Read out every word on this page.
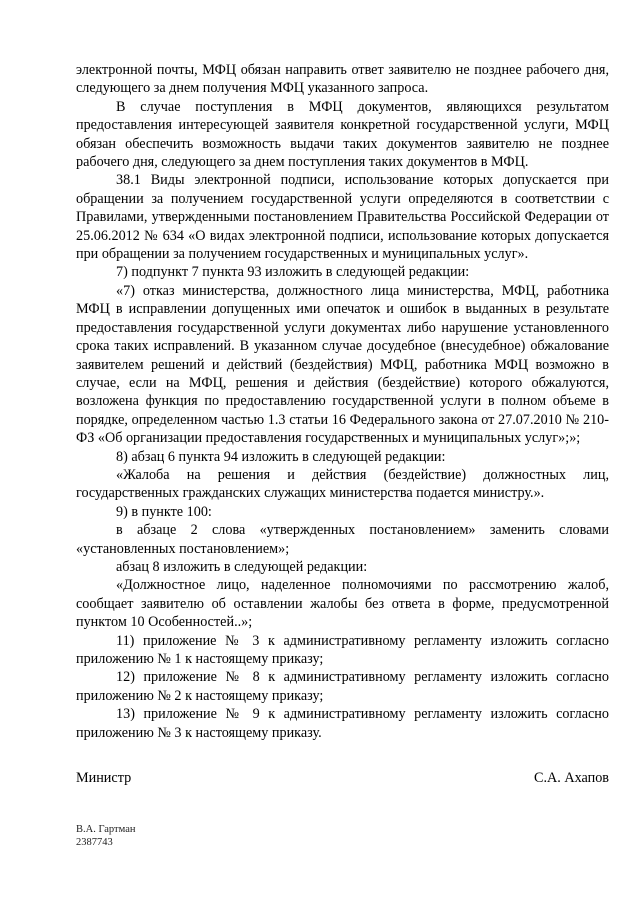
электронной почты, МФЦ обязан направить ответ заявителю не позднее рабочего дня, следующего за днем получения МФЦ указанного запроса.

В случае поступления в МФЦ документов, являющихся результатом предоставления интересующей заявителя конкретной государственной услуги, МФЦ обязан обеспечить возможность выдачи таких документов заявителю не позднее рабочего дня, следующего за днем поступления таких документов в МФЦ.

38.1 Виды электронной подписи, использование которых допускается при обращении за получением государственной услуги определяются в соответствии с Правилами, утвержденными постановлением Правительства Российской Федерации от 25.06.2012 № 634 «О видах электронной подписи, использование которых допускается при обращении за получением государственных и муниципальных услуг».

7) подпункт 7 пункта 93 изложить в следующей редакции:

«7) отказ министерства, должностного лица министерства, МФЦ, работника МФЦ в исправлении допущенных ими опечаток и ошибок в выданных в результате предоставления государственной услуги документах либо нарушение установленного срока таких исправлений. В указанном случае досудебное (внесудебное) обжалование заявителем решений и действий (бездействия) МФЦ, работника МФЦ возможно в случае, если на МФЦ, решения и действия (бездействие) которого обжалуются, возложена функция по предоставлению государственной услуги в полном объеме в порядке, определенном частью 1.3 статьи 16 Федерального закона от 27.07.2010 № 210-ФЗ «Об организации предоставления государственных и муниципальных услуг»;»;

8) абзац 6 пункта 94 изложить в следующей редакции:

«Жалоба на решения и действия (бездействие) должностных лиц, государственных гражданских служащих министерства подается министру.».

9) в пункте 100:

в абзаце 2 слова «утвержденных постановлением» заменить словами «установленных постановлением»;

абзац 8 изложить в следующей редакции:

«Должностное лицо, наделенное полномочиями по рассмотрению жалоб, сообщает заявителю об оставлении жалобы без ответа в форме, предусмотренной пунктом 10 Особенностей..»;

11) приложение № 3 к административному регламенту изложить согласно приложению № 1 к настоящему приказу;

12) приложение № 8 к административному регламенту изложить согласно приложению № 2 к настоящему приказу;

13) приложение № 9 к административному регламенту изложить согласно приложению № 3 к настоящему приказу.

Министр	С.А. Ахапов
В.А. Гартман
2387743
